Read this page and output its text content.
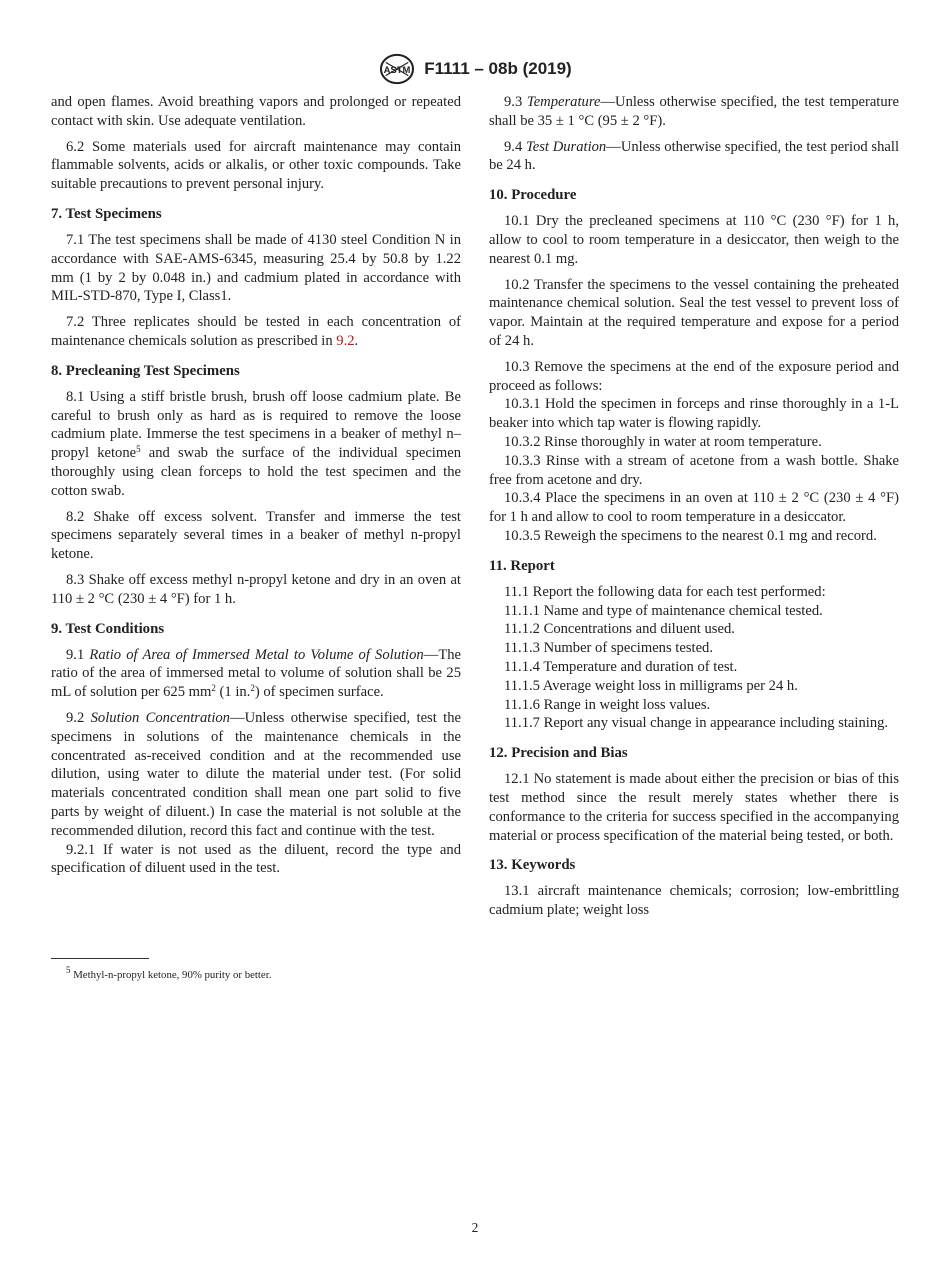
ASTM F1111 – 08b (2019)

and open flames. Avoid breathing vapors and prolonged or repeated contact with skin. Use adequate ventilation.

6.2 Some materials used for aircraft maintenance may contain flammable solvents, acids or alkalis, or other toxic compounds. Take suitable precautions to prevent personal injury.

7. Test Specimens

7.1 The test specimens shall be made of 4130 steel Condition N in accordance with SAE-AMS-6345, measuring 25.4 by 50.8 by 1.22 mm (1 by 2 by 0.048 in.) and cadmium plated in accordance with MIL-STD-870, Type I, Class1.

7.2 Three replicates should be tested in each concentration of maintenance chemicals solution as prescribed in 9.2.

8. Precleaning Test Specimens

8.1 Using a stiff bristle brush, brush off loose cadmium plate. Be careful to brush only as hard as is required to remove the loose cadmium plate. Immerse the test specimens in a beaker of methyl n–propyl ketone$^5$ and swab the surface of the individual specimen thoroughly using clean forceps to hold the test specimen and the cotton swab.

8.2 Shake off excess solvent. Transfer and immerse the test specimens separately several times in a beaker of methyl n-propyl ketone.

8.3 Shake off excess methyl n-propyl ketone and dry in an oven at 110 ± 2 °C (230 ± 4 °F) for 1 h.

9. Test Conditions

9.1 Ratio of Area of Immersed Metal to Volume of Solution—The ratio of the area of immersed metal to volume of solution shall be 25 mL of solution per 625 $mm^2$ (1 in.$^2$) of specimen surface.

9.2 Solution Concentration—Unless otherwise specified, test the specimens in solutions of the maintenance chemicals in the concentrated as-received condition and at the recommended use dilution, using water to dilute the material under test. (For solid materials concentrated condition shall mean one part solid to five parts by weight of diluent.) In case the material is not soluble at the recommended dilution, record this fact and continue with the test.

9.2.1 If water is not used as the diluent, record the type and specification of diluent used in the test.

$^5$ Methyl-n-propyl ketone, 90% purity or better.

9.3 Temperature—Unless otherwise specified, the test temperature shall be 35 ± 1 °C (95 ± 2 °F).

9.4 Test Duration—Unless otherwise specified, the test period shall be 24 h.

10. Procedure

10.1 Dry the precleaned specimens at 110 °C (230 °F) for 1 h, allow to cool to room temperature in a desiccator, then weigh to the nearest 0.1 mg.

10.2 Transfer the specimens to the vessel containing the preheated maintenance chemical solution. Seal the test vessel to prevent loss of vapor. Maintain at the required temperature and expose for a period of 24 h.

10.3 Remove the specimens at the end of the exposure period and proceed as follows:

10.3.1 Hold the specimen in forceps and rinse thoroughly in a 1-L beaker into which tap water is flowing rapidly.

10.3.2 Rinse thoroughly in water at room temperature.

10.3.3 Rinse with a stream of acetone from a wash bottle. Shake free from acetone and dry.

10.3.4 Place the specimens in an oven at 110 ± 2 °C (230 ± 4 °F) for 1 h and allow to cool to room temperature in a desiccator.

10.3.5 Reweigh the specimens to the nearest 0.1 mg and record.

11. Report

11.1 Report the following data for each test performed:

11.1.1 Name and type of maintenance chemical tested.

11.1.2 Concentrations and diluent used.

11.1.3 Number of specimens tested.

11.1.4 Temperature and duration of test.

11.1.5 Average weight loss in milligrams per 24 h.

11.1.6 Range in weight loss values.

11.1.7 Report any visual change in appearance including staining.

12. Precision and Bias

12.1 No statement is made about either the precision or bias of this test method since the result merely states whether there is conformance to the criteria for success specified in the accompanying material or process specification of the material being tested, or both.

13. Keywords

13.1 aircraft maintenance chemicals; corrosion; low-embrittling cadmium plate; weight loss

2
